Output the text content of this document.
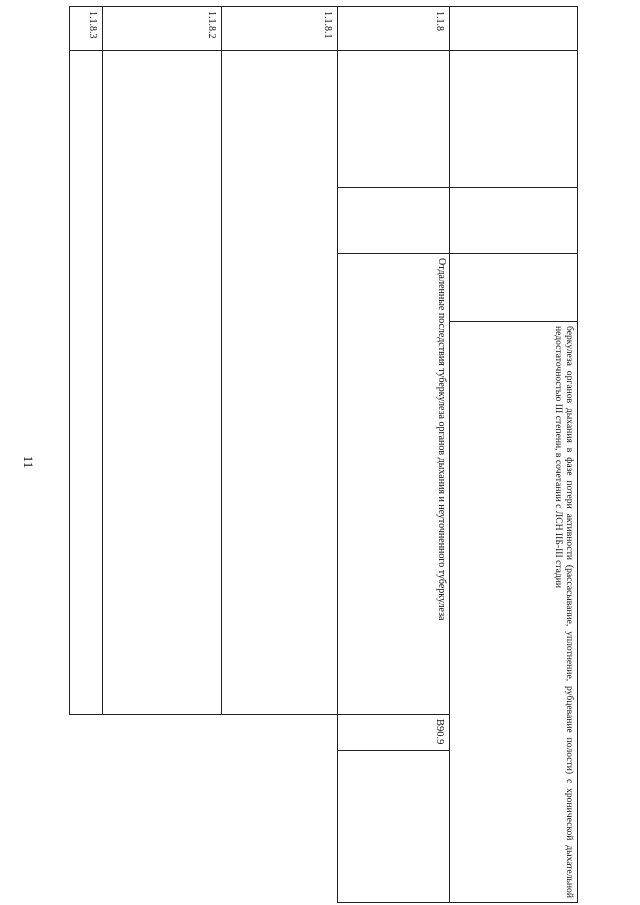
11	беркулеза органов дыхания в фазе потери активности (рассасывание, уплотнение, рубцевание полости) с хронической дыхательной недостаточностью III степени, в сочетании с ЛСН IIБ-III стадии
1.1.8
Отдаленные последствия туберкулеза органов дыхания и неуточненного туберкулеза
B90.9
1.1.8.1
1.1.8.2
1.1.8.3
